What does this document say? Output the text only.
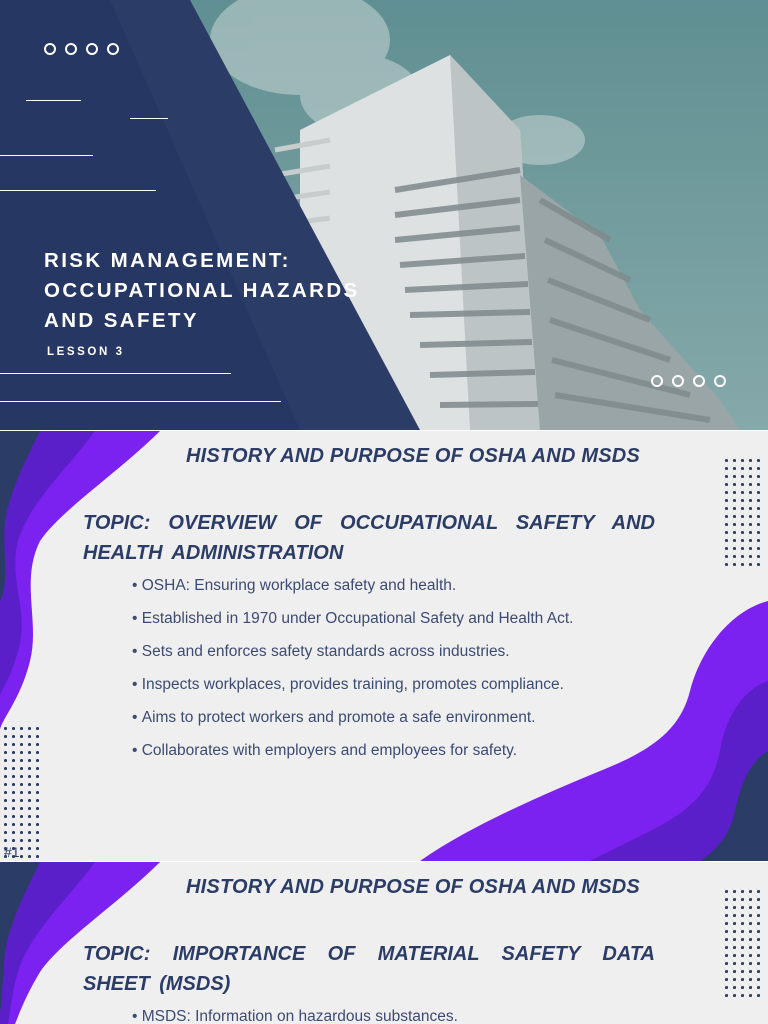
RISK MANAGEMENT:
OCCUPATIONAL HAZARDS
AND SAFETY
LESSON 3
HISTORY AND PURPOSE OF OSHA AND MSDS
TOPIC: OVERVIEW OF OCCUPATIONAL SAFETY AND HEALTH ADMINISTRATION
• OSHA: Ensuring workplace safety and health.
• Established in 1970 under Occupational Safety and Health Act.
• Sets and enforces safety standards across industries.
• Inspects workplaces, provides training, promotes compliance.
• Aims to protect workers and promote a safe environment.
• Collaborates with employers and employees for safety.
#1
HISTORY AND PURPOSE OF OSHA AND MSDS
TOPIC: IMPORTANCE OF MATERIAL SAFETY DATA SHEET (MSDS)
• MSDS: Information on hazardous substances.
